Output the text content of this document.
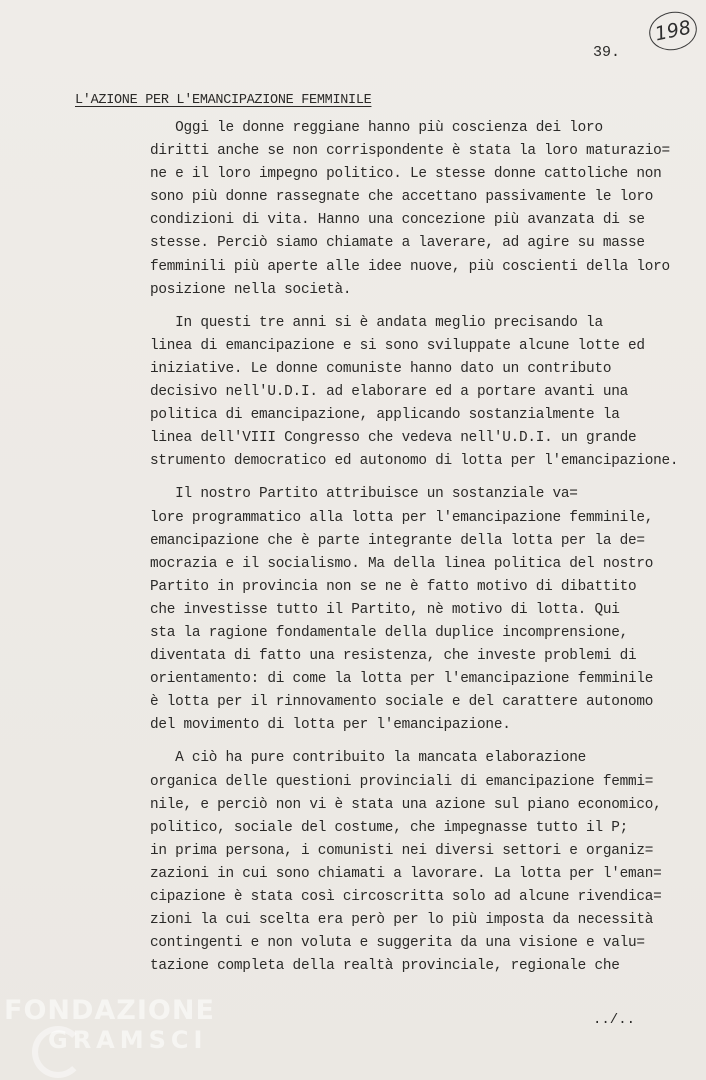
198
39.
L'AZIONE PER L'EMANCIPAZIONE FEMMINILE
Oggi le donne reggiane hanno più coscienza dei loro
diritti anche se non corrispondente è stata la loro maturazio=
ne e il loro impegno politico. Le stesse donne cattoliche non
sono più donne rassegnate che accettano passivamente le loro
condizioni di vita. Hanno una concezione più avanzata di se
stesse. Perciò siamo chiamate a laverare, ad agire su masse
femminili più aperte alle idee nuove, più coscienti della loro
posizione nella società.
In questi tre anni si è andata meglio precisando la
linea di emancipazione e si sono sviluppate alcune lotte ed
iniziative. Le donne comuniste hanno dato un contributo
decisivo nell'U.D.I. ad elaborare ed a portare avanti una
politica di emancipazione, applicando sostanzialmente la
linea dell'VIII Congresso che vedeva nell'U.D.I. un grande
strumento democratico ed autonomo di lotta per l'emancipazione.
Il nostro Partito attribuisce un sostanziale va=
lore programmatico alla lotta per l'emancipazione femminile,
emancipazione che è parte integrante della lotta per la de=
mocrazia e il socialismo. Ma della linea politica del nostro
Partito in provincia non se ne è fatto motivo di dibattito
che investisse tutto il Partito, nè motivo di lotta. Qui
sta la ragione fondamentale della duplice incomprensione,
diventata di fatto una resistenza, che investe problemi di
orientamento: di come la lotta per l'emancipazione femminile
è lotta per il rinnovamento sociale e del carattere autonomo
del movimento di lotta per l'emancipazione.
A ciò ha pure contribuito la mancata elaborazione
organica delle questioni provinciali di emancipazione femmi=
nile, e perciò non vi è stata una azione sul piano economico,
politico, sociale del costume, che impegnasse tutto il P;
in prima persona, i comunisti nei diversi settori e organiz=
zazioni in cui sono chiamati a lavorare. La lotta per l'eman=
cipazione è stata così circoscritta solo ad alcune rivendica=
zioni la cui scelta era però per lo più imposta da necessità
contingenti e non voluta e suggerita da una visione e valu=
tazione completa della realtà provinciale, regionale che
../..
FONDAZIONE
GRAMSCI
